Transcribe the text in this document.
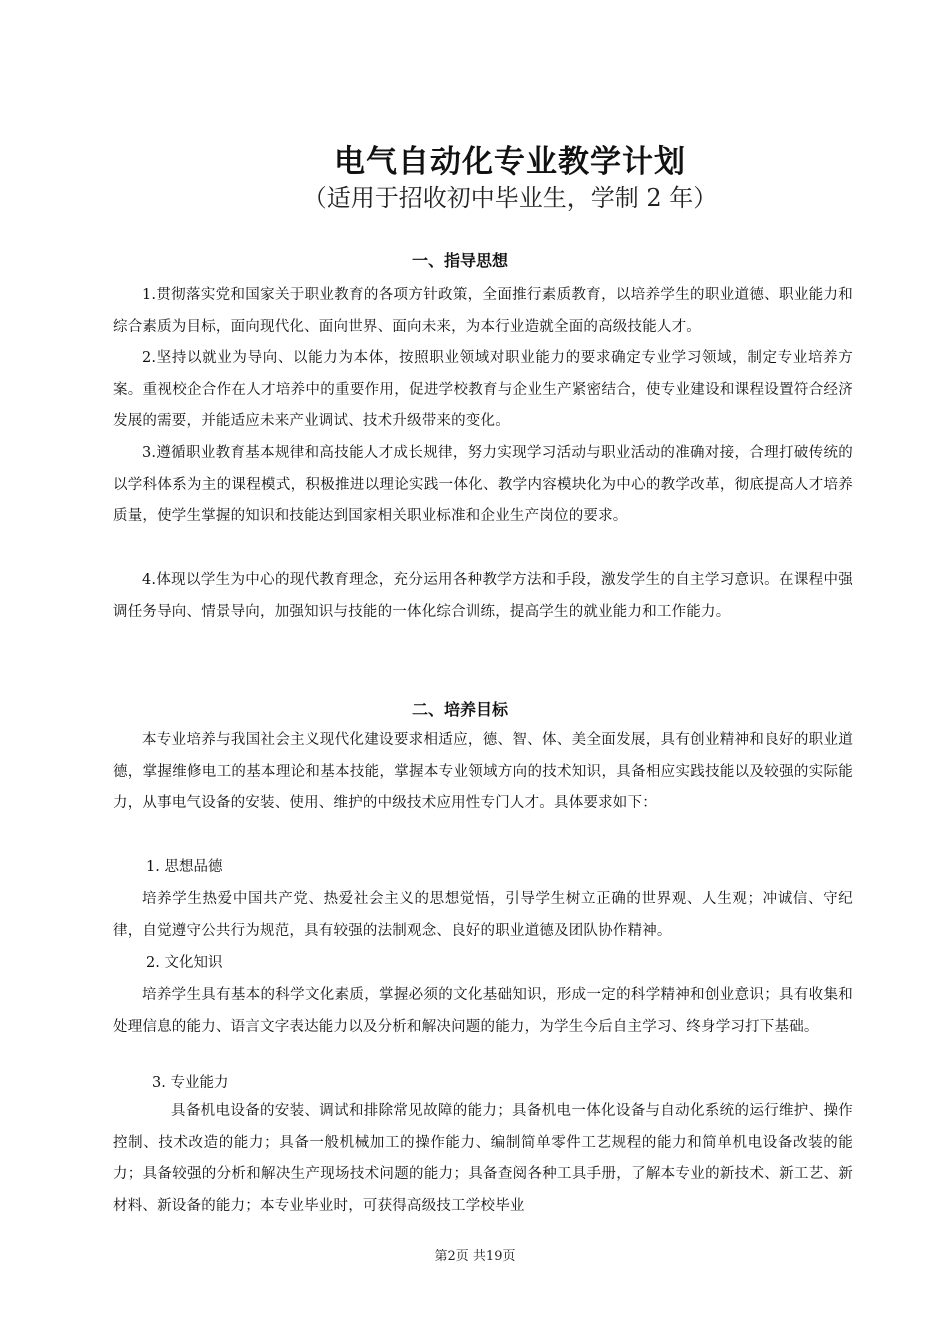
电气自动化专业教学计划
（适用于招收初中毕业生，学制 2 年）
一、指导思想
1.贯彻落实党和国家关于职业教育的各项方针政策，全面推行素质教育，以培养学生的职业道德、职业能力和综合素质为目标，面向现代化、面向世界、面向未来，为本行业造就全面的高级技能人才。
2.坚持以就业为导向、以能力为本体，按照职业领域对职业能力的要求确定专业学习领域，制定专业培养方案。重视校企合作在人才培养中的重要作用，促进学校教育与企业生产紧密结合，使专业建设和课程设置符合经济发展的需要，并能适应未来产业调试、技术升级带来的变化。
3.遵循职业教育基本规律和高技能人才成长规律，努力实现学习活动与职业活动的准确对接，合理打破传统的以学科体系为主的课程模式，积极推进以理论实践一体化、教学内容模块化为中心的教学改革，彻底提高人才培养质量，使学生掌握的知识和技能达到国家相关职业标准和企业生产岗位的要求。
4.体现以学生为中心的现代教育理念，充分运用各种教学方法和手段，激发学生的自主学习意识。在课程中强调任务导向、情景导向，加强知识与技能的一体化综合训练，提高学生的就业能力和工作能力。
二、培养目标
本专业培养与我国社会主义现代化建设要求相适应，德、智、体、美全面发展，具有创业精神和良好的职业道德，掌握维修电工的基本理论和基本技能，掌握本专业领域方向的技术知识，具备相应实践技能以及较强的实际能力，从事电气设备的安装、使用、维护的中级技术应用性专门人才。具体要求如下：
1. 思想品德
培养学生热爱中国共产党、热爱社会主义的思想觉悟，引导学生树立正确的世界观、人生观；冲诚信、守纪律，自觉遵守公共行为规范，具有较强的法制观念、良好的职业道德及团队协作精神。
2. 文化知识
培养学生具有基本的科学文化素质，掌握必须的文化基础知识，形成一定的科学精神和创业意识；具有收集和处理信息的能力、语言文字表达能力以及分析和解决问题的能力，为学生今后自主学习、终身学习打下基础。
3. 专业能力
具备机电设备的安装、调试和排除常见故障的能力；具备机电一体化设备与自动化系统的运行维护、操作控制、技术改造的能力；具备一般机械加工的操作能力、编制简单零件工艺规程的能力和简单机电设备改装的能力；具备较强的分析和解决生产现场技术问题的能力；具备查阅各种工具手册，了解本专业的新技术、新工艺、新材料、新设备的能力；本专业毕业时，可获得高级技工学校毕业
第2页 共19页
